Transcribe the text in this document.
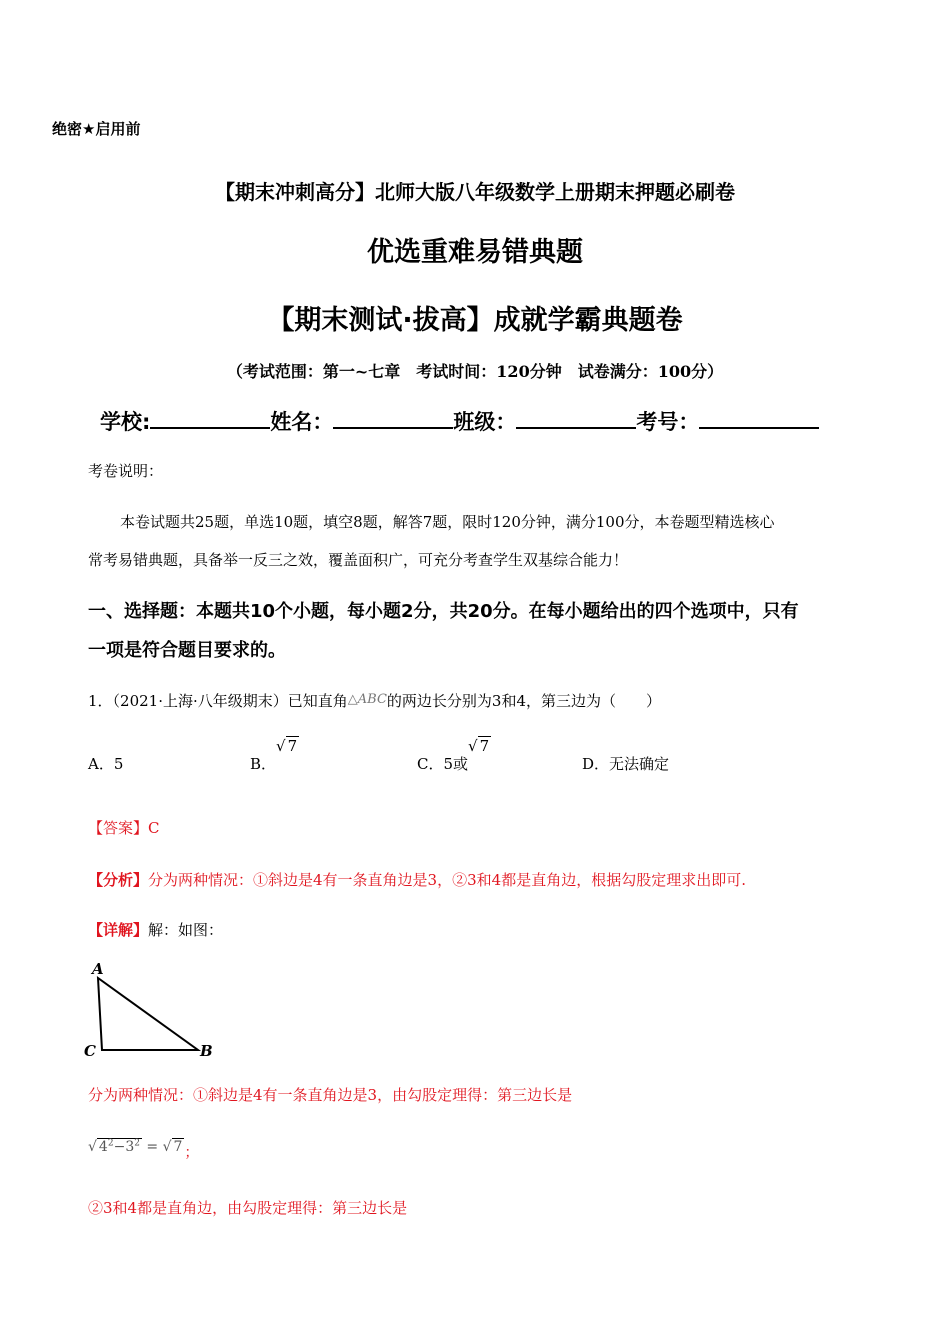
绝密★启用前
【期末冲刺高分】北师大版八年级数学上册期末押题必刷卷
优选重难易错典题
【期末测试·拔高】成就学霸典题卷
（考试范围：第一~七章　考试时间：120分钟　试卷满分：100分）
学校:	姓名：	班级：	考号：
考卷说明：
本卷试题共25题，单选10题，填空8题，解答7题，限时120分钟，满分100分，本卷题型精选核心
常考易错典题，具备举一反三之效，覆盖面积广，可充分考查学生双基综合能力！
一、选择题：本题共10个小题，每小题2分，共20分。在每小题给出的四个选项中，只有
一项是符合题目要求的。
1．（2021·上海·八年级期末）已知直角△ABC的两边长分别为3和4，第三边为（　　）
A．5	B．√ 7
C．5或√ 7
D．无法确定
【答案】C
【分析】分为两种情况：①斜边是4有一条直角边是3，②3和4都是直角边，根据勾股定理求出即可.
【详解】解：如图：
A
C	B
分为两种情况：①斜边是4有一条直角边是3，由勾股定理得：第三边长是
√ $4^2-3^2$ = √ 7 ；
②3和4都是直角边，由勾股定理得：第三边长是
